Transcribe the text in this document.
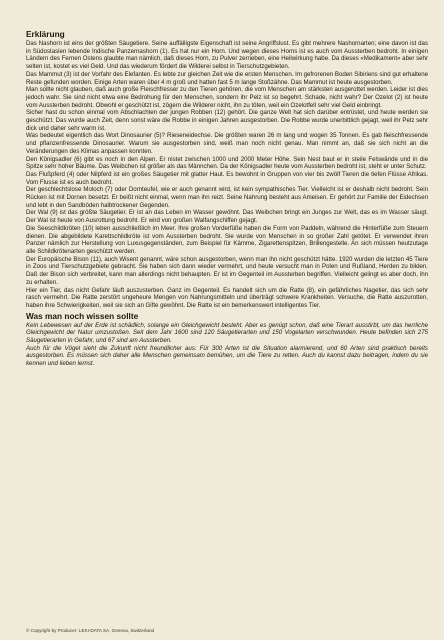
Erklärung

Das Nashorn ist eins der größten Säugetiere. Seine auffälligste Eigenschaft ist seine Angriffslust. Es gibt mehrere Nashornarten; eine davon ist das in Südostasien lebende Indische Panzernashorn (1). Es hat nur ein Horn. Und wegen dieses Horns ist es auch vom Aussterben bedroht. In einigen Ländern des Fernen Ostens glaubte man nämlich, daß dieses Horn, zu Pulver zerrieben, eine Heilwirkung habe. Da dieses «Medikament» aber sehr selten ist, kostet es viel Geld. Und das wiederum fördert die Wilderei selbst in Tierschutzgebieten.

Das Mammut (3) ist der Vorfahr des Elefanten. Es lebte zur gleichen Zeit wie die ersten Menschen. Im gefrorenen Boden Sibiriens sind gut erhaltene Reste gefunden worden. Einige Arten waren über 4 m groß und hatten fast 5 m lange Stoßzähne. Das Mammut ist heute ausgestorben.

Man sollte nicht glauben, daß auch große Fleischfresser zu den Tieren gehören, die vom Menschen am stärksten ausgerottet werden. Leider ist dies jedoch wahr. Sie sind nicht etwa eine Bedrohung für den Menschen, sondern ihr Pelz ist so begehrt. Schade, nicht wahr? Der Ozelot (2) ist heute vom Aussterben bedroht. Obwohl er geschützt ist, zögern die Wilderer nicht, ihn zu töten, weil ein Ozelotfell sehr viel Geld einbringt.

Sicher hast du schon einmal vom Abschlachten der jungen Robben (12) gehört. Die ganze Welt hat sich darüber entrüstet, und heute werden sie geschützt. Das wurde auch Zeit, denn sonst wäre die Robbe in einigen Jahren ausgestorben. Die Robbe wurde unerbittlich gejagt, weil ihr Pelz sehr dick und daher sehr warm ist.

Was bedeutet eigentlich das Wort Dinosaurier (5)? Rieseneidechse. Die größten waren 26 m lang und wogen 35 Tonnen. Es gab fleischfressende und pflanzenfressende Dinosaurier. Warum sie ausgestorben sind, weiß man noch nicht genau. Man nimmt an, daß sie sich nicht an die Veränderungen des Klimas anpassen konnten.

Den Königsadler (6) gibt es noch in den Alpen. Er nistet zwischen 1000 und 2000 Meter Höhe. Sein Nest baut er in steile Felswände und in die Spitze sehr hoher Bäume. Das Weibchen ist größer als das Männchen. Da der Königsadler heute vom Aussterben bedroht ist, steht er unter Schutz.

Das Flußpferd (4) oder Nilpferd ist ein großes Säugetier mit glatter Haut. Es bewohnt in Gruppen von vier bis zwölf Tieren die tiefen Flüsse Afrikas. Vom Flusse ist es auch bedroht.

Der geschlechtslose Moloch (7) oder Dornteufel, wie er auch genannt wird, ist kein sympathisches Tier. Vielleicht ist er deshalb nicht bedroht. Sein Rücken ist mit Dornen besetzt. Er beißt nicht einmal, wenn man ihn reizt. Seine Nahrung besteht aus Ameisen. Er gehört zur Familie der Eidechsen und lebt in den Sandböden halbtrockener Gegenden.

Der Wal (9) ist das größte Säugetier. Er ist an das Leben im Wasser gewöhnt. Das Weibchen bringt ein Junges zur Welt, das es im Wasser säugt. Der Wal ist heute von Ausrottung bedroht. Er wird von großen Walfangschiffen gejagt.

Die Seeschildkröten (10) leben ausschließlich im Meer. Ihre großen Vorderfüße haben die Form von Paddeln, während die Hinterfüße zum Steuern dienen. Die abgebildete Karettschildkröte ist vom Aussterben bedroht. Sie wurde von Menschen in so großer Zahl getötet. Er verwendet ihren Panzer nämlich zur Herstellung von Luxusgegenständen, zum Beispiel für Kämme, Zigarettenspitzen, Brillengestelle. An sich müssen heutzutage alle Schildkrötenarten geschützt werden.

Der Europäische Bison (11), auch Wisent genannt, wäre schon ausgestorben, wenn man ihn nicht geschützt hätte. 1920 wurden die letzten 45 Tiere in Zoos und Tierschutzgebiete gebracht. Sie haben sich dann wieder vermehrt, und heute versucht man in Polen und Rußland, Herden zu bilden. Daß der Bison sich verbreitet, kann man allerdings nicht behaupten. Er ist im Gegenteil im Aussterben begriffen. Vielleicht gelingt es aber doch, ihn zu erhalten.

Hier ein Tier, das nicht Gefahr läuft auszusterben. Ganz im Gegenteil. Es handelt sich um die Ratte (8), ein gefährliches Nagetier, das sich sehr rasch vermehrt. Die Ratte zerstört ungeheure Mengen von Nahrungsmitteln und überträgt schwere Krankheiten. Versuche, die Ratte auszurotten, haben ihre Schwierigkeiten, weil sie sich an Gifte gewöhnt. Die Ratte ist ein bemerkenswert intelligentes Tier.

Was man noch wissen sollte

Kein Lebewesen auf der Erde ist schädlich, solange ein Gleichgewicht besteht. Aber es genügt schon, daß eine Tierart ausstirbt, um das herrliche Gleichgewicht der Natur umzustoßen. Seit dem Jahr 1600 sind 120 Säugetierarten und 150 Vogelarten verschwunden. Heute befinden sich 275 Säugetierarten in Gefahr, und 67 sind am Aussterben.

Auch für die Vögel sieht die Zukunft nicht freundlicher aus: Für 300 Arten ist die Situation alarmierend, und 60 Arten sind praktisch bereits ausgestorben. Es müssen sich daher alle Menschen gemeinsam bemühen, um die Tiere zu retten. Auch du kannst dazu beitragen, indem du sie kennen und lieben lernst.

© Copyright by Producer: LEXI-DATA SA, Geneva, Switzerland
